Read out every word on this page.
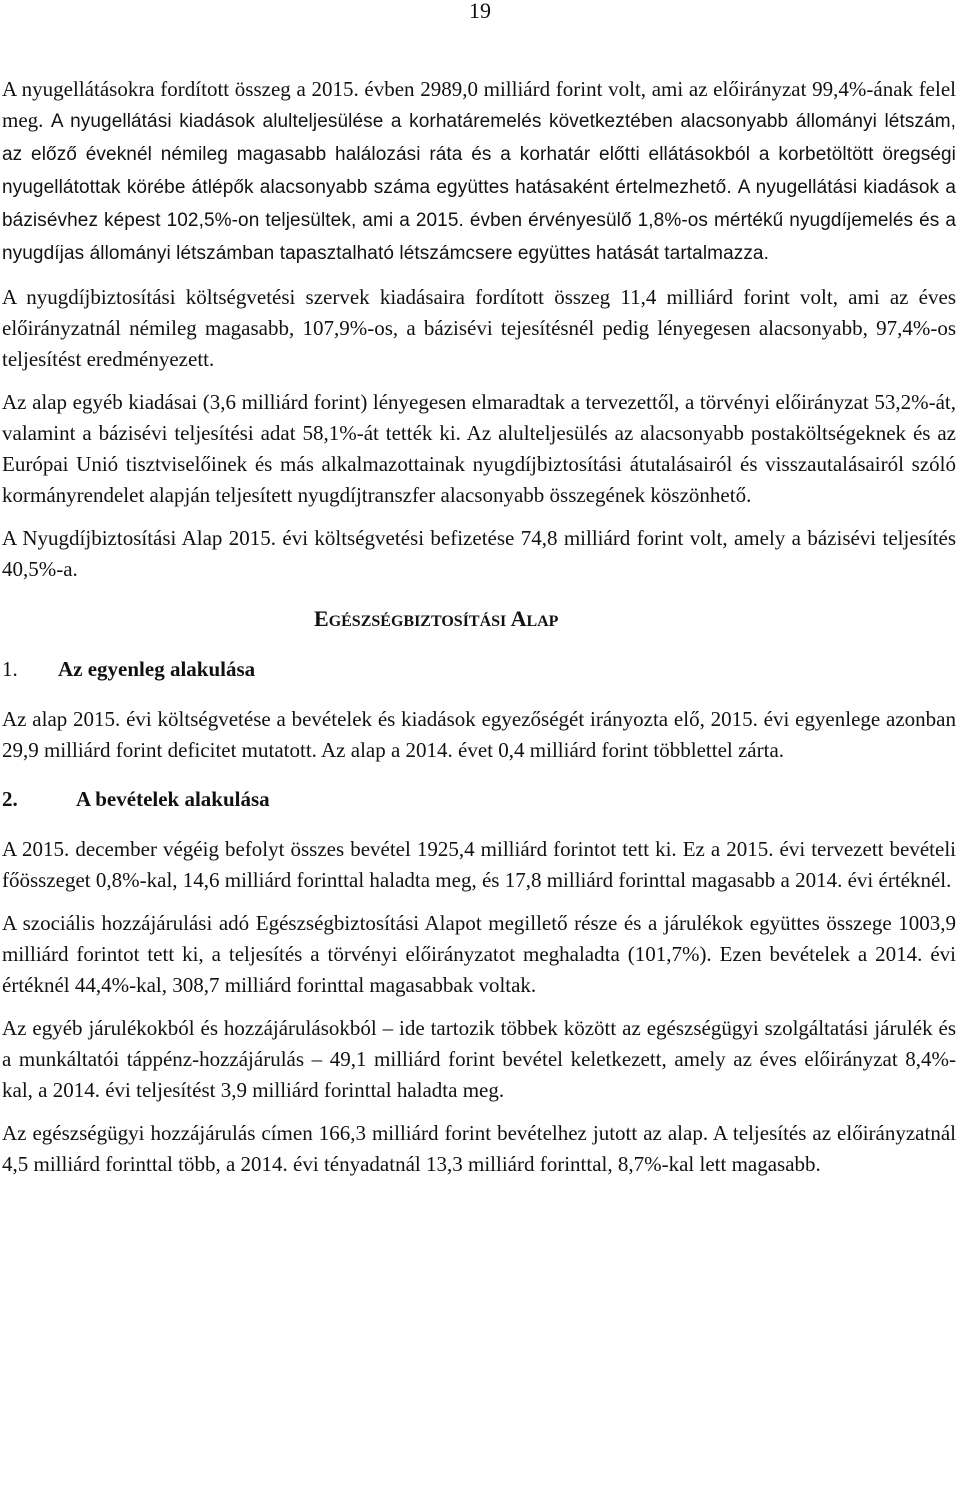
19

A nyugellátásokra fordított összeg a 2015. évben 2989,0 milliárd forint volt, ami az előirányzat 99,4%-ának felel meg. A nyugellátási kiadások alulteljesülése a korhatáremelés következtében alacsonyabb állományi létszám, az előző éveknél némileg magasabb halálozási ráta és a korhatár előtti ellátásokból a korbetöltött öregségi nyugellátottak körébe átlépők alacsonyabb száma együttes hatásaként értelmezhető. A nyugellátási kiadások a bázisévhez képest 102,5%-on teljesültek, ami a 2015. évben érvényesülő 1,8%-os mértékű nyugdíjemelés és a nyugdíjas állományi létszámban tapasztalható létszámcsere együttes hatását tartalmazza.

A nyugdíjbiztosítási költségvetési szervek kiadásaira fordított összeg 11,4 milliárd forint volt, ami az éves előirányzatnál némileg magasabb, 107,9%-os, a bázisévi tejesítésnél pedig lényegesen alacsonyabb, 97,4%-os teljesítést eredményezett.

Az alap egyéb kiadásai (3,6 milliárd forint) lényegesen elmaradtak a tervezettől, a törvényi előirányzat 53,2%-át, valamint a bázisévi teljesítési adat 58,1%-át tették ki. Az alulteljesülés az alacsonyabb postaköltségeknek és az Európai Unió tisztviselőinek és más alkalmazottainak nyugdíjbiztosítási átutalásairól és visszautalásairól szóló kormányrendelet alapján teljesített nyugdíjtranszfer alacsonyabb összegének köszönhető.

A Nyugdíjbiztosítási Alap 2015. évi költségvetési befizetése 74,8 milliárd forint volt, amely a bázisévi teljesítés 40,5%-a.

EGÉSZSÉGBIZTOSÍTÁSI ALAP
1. Az egyenleg alakulása

Az alap 2015. évi költségvetése a bevételek és kiadások egyezőségét irányozta elő, 2015. évi egyenlege azonban 29,9 milliárd forint deficitet mutatott. Az alap a 2014. évet 0,4 milliárd forint többlettel zárta.

2.	A bevételek alakulása

A 2015. december végéig befolyt összes bevétel 1925,4 milliárd forintot tett ki. Ez a 2015. évi tervezett bevételi főösszeget 0,8%-kal, 14,6 milliárd forinttal haladta meg, és 17,8 milliárd forinttal magasabb a 2014. évi értéknél.

A szociális hozzájárulási adó Egészségbiztosítási Alapot megillető része és a járulékok együttes összege 1003,9 milliárd forintot tett ki, a teljesítés a törvényi előirányzatot meghaladta (101,7%). Ezen bevételek a 2014. évi értéknél 44,4%-kal, 308,7 milliárd forinttal magasabbak voltak.

Az egyéb járulékokból és hozzájárulásokból – ide tartozik többek között az egészségügyi szolgáltatási járulék és a munkáltatói táppénz-hozzájárulás – 49,1 milliárd forint bevétel keletkezett, amely az éves előirányzat 8,4%-kal, a 2014. évi teljesítést 3,9 milliárd forinttal haladta meg.

Az egészségügyi hozzájárulás címen 166,3 milliárd forint bevételhez jutott az alap. A teljesítés az előirányzatnál 4,5 milliárd forinttal több, a 2014. évi tényadatnál 13,3 milliárd forinttal, 8,7%-kal lett magasabb.
